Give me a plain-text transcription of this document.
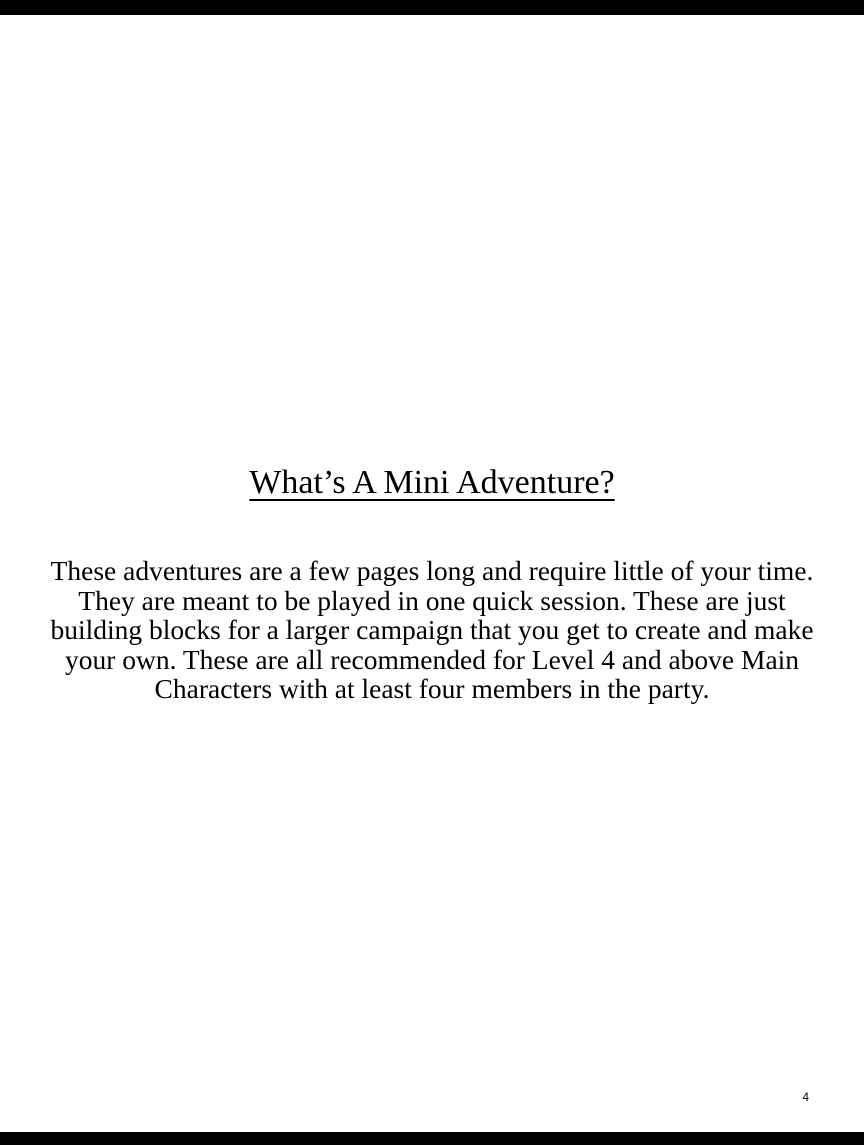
What’s A Mini Adventure?

These adventures are a few pages long and require little of your time. They are meant to be played in one quick session. These are just building blocks for a larger campaign that you get to create and make your own. These are all recommended for Level 4 and above Main Characters with at least four members in the party.

4
